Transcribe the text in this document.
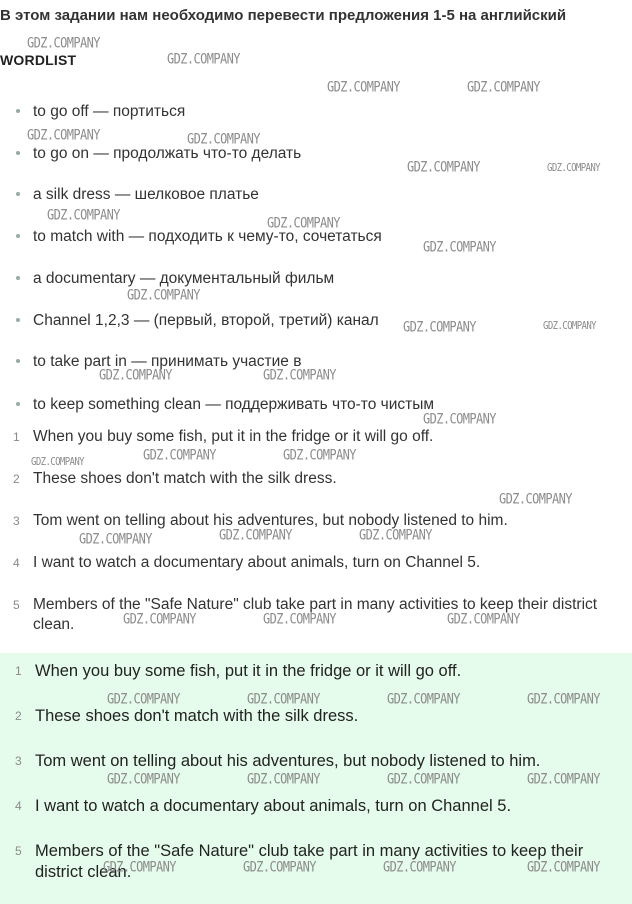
В этом задании нам необходимо перевести предложения 1-5 на английский
WORDLIST
to go off — портиться
to go on — продолжать что-то делать
a silk dress — шелковое платье
to match with — подходить к чему-то, сочетаться
a documentary — документальный фильм
Channel 1,2,3 — (первый, второй, третий) канал
to take part in — принимать участие в
to keep something clean — поддерживать что-то чистым
1 When you buy some fish, put it in the fridge or it will go off.
2 These shoes don't match with the silk dress.
3 Tom went on telling about his adventures, but nobody listened to him.
4 I want to watch a documentary about animals, turn on Channel 5.
5 Members of the "Safe Nature" club take part in many activities to keep their district clean.
1 When you buy some fish, put it in the fridge or it will go off.
2 These shoes don't match with the silk dress.
3 Tom went on telling about his adventures, but nobody listened to him.
4 I want to watch a documentary about animals, turn on Channel 5.
5 Members of the "Safe Nature" club take part in many activities to keep their district clean.
GDZ.COMPANY
GDZ.COMPANY
GDZ.COMPANY	GDZ.COMPANY
GDZ.COMPANY	GDZ.COMPANY
GDZ.COMPANY	GDZ.COMPANY
GDZ.COMPANY	GDZ.COMPANY
GDZ.COMPANY
GDZ.COMPANY
GDZ.COMPANY	GDZ.COMPANY
GDZ.COMPANY	GDZ.COMPANY
GDZ.COMPANY
GDZ.COMPANY	GDZ.COMPANY
GDZ.COMPANY
GDZ.COMPANY
GDZ.COMPANY	GDZ.COMPANY	GDZ.COMPANY
GDZ.COMPANY	GDZ.COMPANY	GDZ.COMPANY
GDZ.COMPANY	GDZ.COMPANY	GDZ.COMPANY	GDZ.COMPANY
GDZ.COMPANY	GDZ.COMPANY	GDZ.COMPANY	GDZ.COMPANY
GDZ.COMPANY	GDZ.COMPANY	GDZ.COMPANY	GDZ.COMPANY
